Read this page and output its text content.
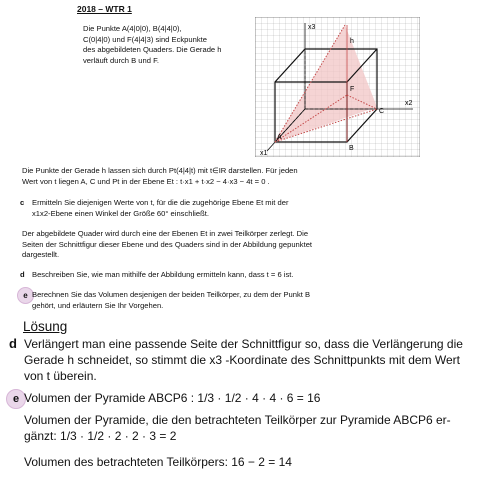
2018 – WTR 1
Die Punkte A(4|0|0), B(4|4|0),
C(0|4|0) und F(4|4|3) sind Eckpunkte
des abgebildeten Quaders. Die Gerade h
verläuft durch B und F.
x3
x2
x1
h
F
C
A
B
Die Punkte der Gerade h lassen sich durch Pt(4|4|t) mit t∈IR darstellen. Für jeden
Wert von t liegen A, C und Pt in der Ebene Et : t·x1 + t·x2 − 4·x3 − 4t = 0 .
c	Ermitteln Sie diejenigen Werte von t, für die die zugehörige Ebene Et mit der
x1x2-Ebene einen Winkel der Größe 60° einschließt.
Der abgebildete Quader wird durch eine der Ebenen Et in zwei Teilkörper zerlegt. Die
Seiten der Schnittfigur dieser Ebene und des Quaders sind in der Abbildung gepunktet
dargestellt.
d Beschreiben Sie, wie man mithilfe der Abbildung ermitteln kann, dass t = 6 ist.
e Berechnen Sie das Volumen desjenigen der beiden Teilkörper, zu dem der Punkt B
gehört, und erläutern Sie Ihr Vorgehen.
Lösung
d Verlängert man eine passende Seite der Schnittfigur so, dass die Verlängerung die
Gerade h schneidet, so stimmt die x3 -Koordinate des Schnittpunkts mit dem Wert
von t überein.
e Volumen der Pyramide ABCP6 : 1/3 · 1/2 · 4 · 4 · 6 = 16
Volumen der Pyramide, die den betrachteten Teilkörper zur Pyramide ABCP6 er-
gänzt: 1/3 · 1/2 · 2 · 2 · 3 = 2
Volumen des betrachteten Teilkörpers: 16 − 2 = 14
